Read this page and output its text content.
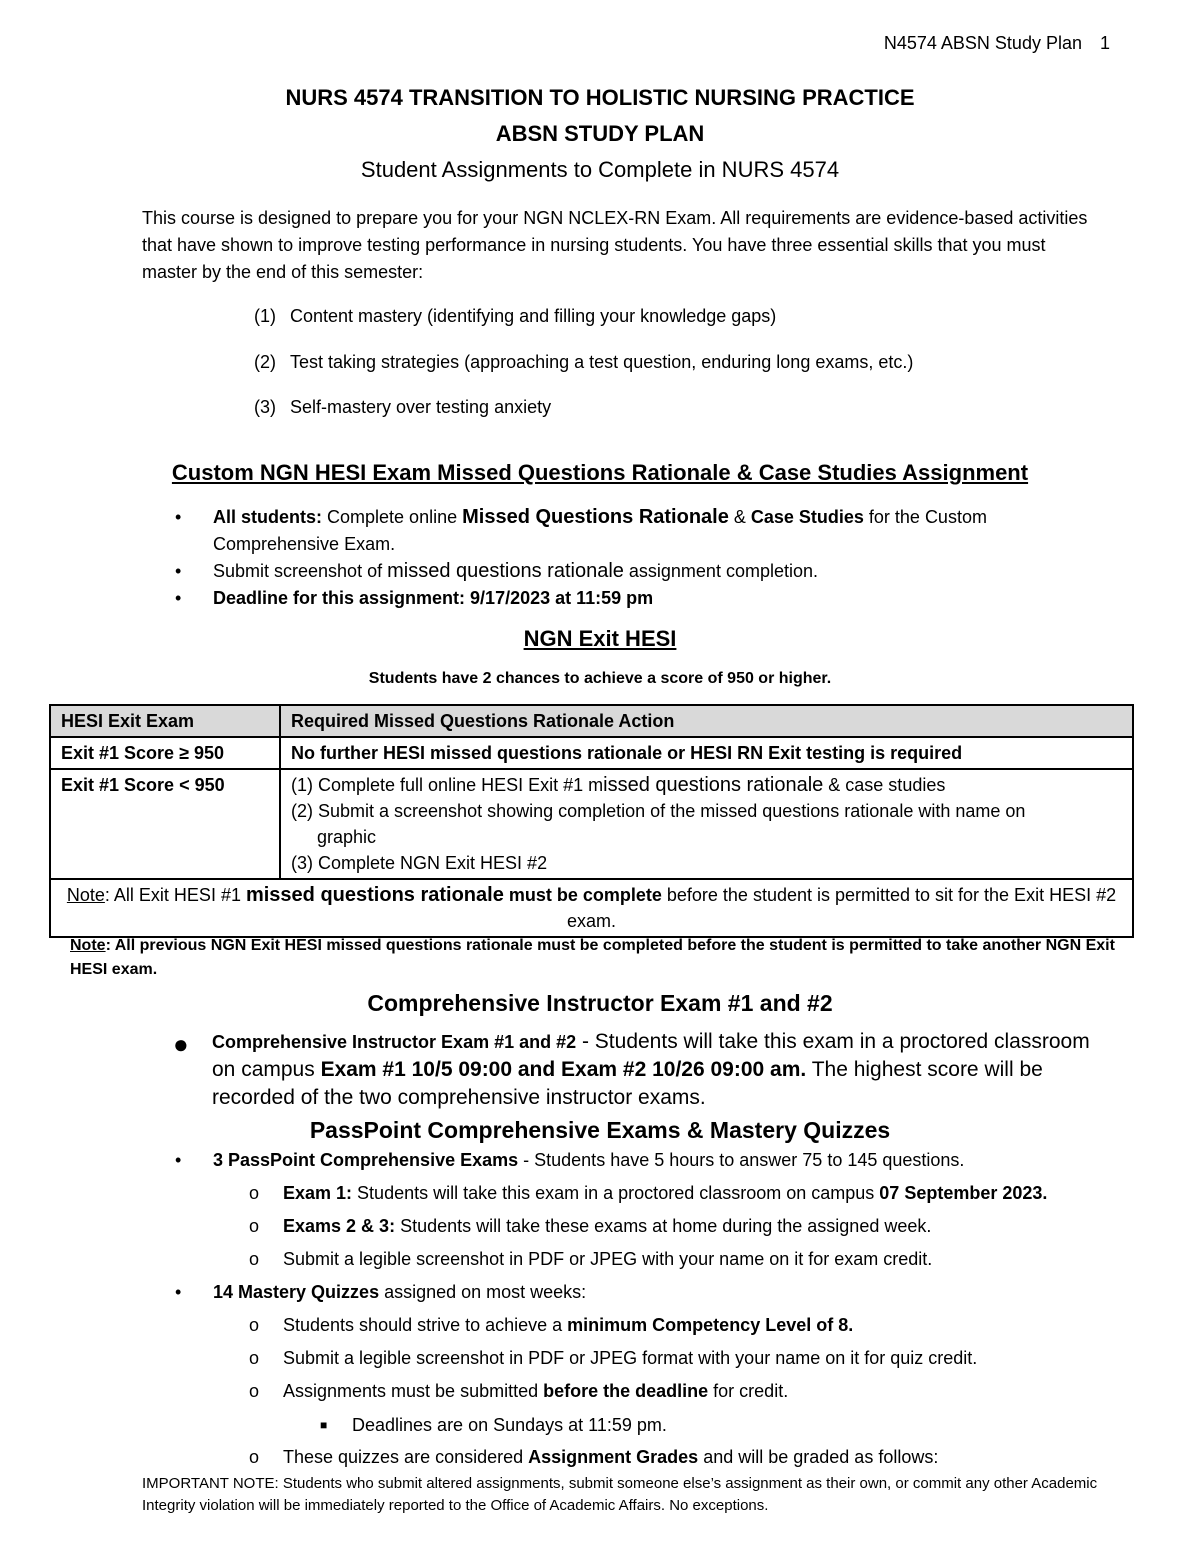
N4574 ABSN Study Plan 1
NURS 4574 TRANSITION TO HOLISTIC NURSING PRACTICE
ABSN STUDY PLAN
Student Assignments to Complete in NURS 4574
This course is designed to prepare you for your NGN NCLEX-RN Exam. All requirements are evidence-based activities that have shown to improve testing performance in nursing students. You have three essential skills that you must master by the end of this semester:
(1) Content mastery (identifying and filling your knowledge gaps)
(2) Test taking strategies (approaching a test question, enduring long exams, etc.)
(3) Self-mastery over testing anxiety
Custom NGN HESI Exam Missed Questions Rationale & Case Studies Assignment
• All students: Complete online Missed Questions Rationale & Case Studies for the Custom Comprehensive Exam.
• Submit screenshot of missed questions rationale assignment completion.
• Deadline for this assignment: 9/17/2023 at 11:59 pm
NGN Exit HESI
Students have 2 chances to achieve a score of 950 or higher.
HESI Exit Exam	Required Missed Questions Rationale Action
Exit #1 Score ≥ 950	No further HESI missed questions rationale or HESI RN Exit testing is required
Exit #1 Score < 950	(1) Complete full online HESI Exit #1 missed questions rationale & case studies
(2) Submit a screenshot showing completion of the missed questions rationale with name on
graphic
(3) Complete NGN Exit HESI #2

Note: All Exit HESI #1 missed questions rationale must be complete before the student is permitted to sit for the Exit HESI #2 exam.	
Note: All previous NGN Exit HESI missed questions rationale must be completed before the student is permitted to take another NGN Exit HESI exam.
Comprehensive Instructor Exam #1 and #2
● Comprehensive Instructor Exam #1 and #2 - Students will take this exam in a proctored classroom on campus Exam #1 10/5 09:00 and Exam #2 10/26 09:00 am. The highest score will be recorded of the two comprehensive instructor exams.
PassPoint Comprehensive Exams & Mastery Quizzes
• 3 PassPoint Comprehensive Exams - Students have 5 hours to answer 75 to 145 questions.
o Exam 1: Students will take this exam in a proctored classroom on campus 07 September 2023.
o Exams 2 & 3: Students will take these exams at home during the assigned week.
o Submit a legible screenshot in PDF or JPEG with your name on it for exam credit.
• 14 Mastery Quizzes assigned on most weeks:
o Students should strive to achieve a minimum Competency Level of 8.
o Submit a legible screenshot in PDF or JPEG format with your name on it for quiz credit.
o Assignments must be submitted before the deadline for credit.
■ Deadlines are on Sundays at 11:59 pm.
o These quizzes are considered Assignment Grades and will be graded as follows:
IMPORTANT NOTE: Students who submit altered assignments, submit someone else’s assignment as their own, or commit any other Academic Integrity violation will be immediately reported to the Office of Academic Affairs. No exceptions.
